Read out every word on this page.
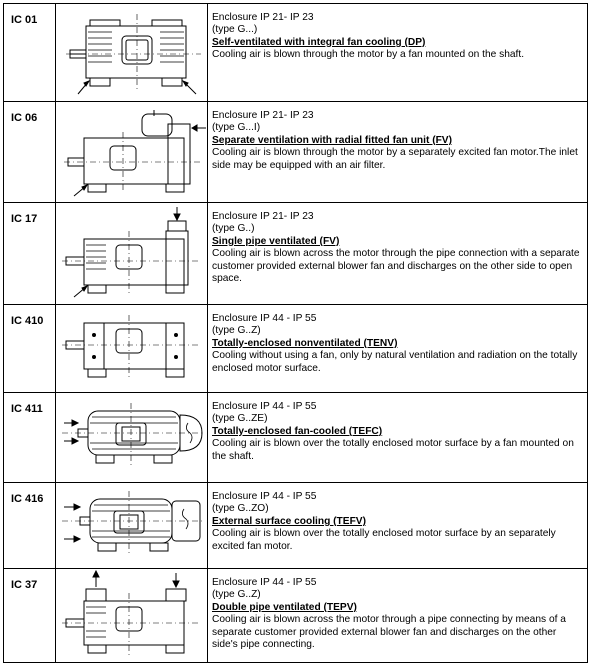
IC 01		Enclosure IP 21- IP 23
(type G...)
Self-ventilated with integral fan cooling (DP)
Cooling air is blown through the motor by a fan mounted on the shaft.

IC 06		Enclosure IP 21- IP 23
(type G...I)
Separate ventilation with radial fitted fan unit (FV)
Cooling air is blown through the motor by a separately excited fan motor.The inlet side may be equipped with an air filter.

IC 17		Enclosure IP 21- IP 23
(type G..)
Single pipe ventilated (FV)
Cooling air is blown across the motor through the pipe connection with a separate customer provided external blower fan and discharges on the other side to open space.

IC 410		Enclosure IP 44 - IP 55
(type G..Z)
Totally-enclosed nonventilated (TENV)
Cooling without using a fan, only by natural ventilation and radiation on the totally enclosed motor surface.

IC 411		Enclosure IP 44 - IP 55
(type G..ZE)
Totally-enclosed fan-cooled (TEFC)
Cooling air is blown over the totally enclosed motor surface by a fan mounted on the shaft.

IC 416		Enclosure IP 44 - IP 55
(type G..ZO)
External surface cooling (TEFV)
Cooling air is blown over the totally enclosed motor surface by an separately excited fan motor.

IC 37		Enclosure IP 44 - IP 55
(type G..Z)
Double pipe ventilated (TEPV)
Cooling air is blown across the motor through a pipe connecting by means of a separate customer provided external blower fan and discharges on the other side's pipe connecting.
